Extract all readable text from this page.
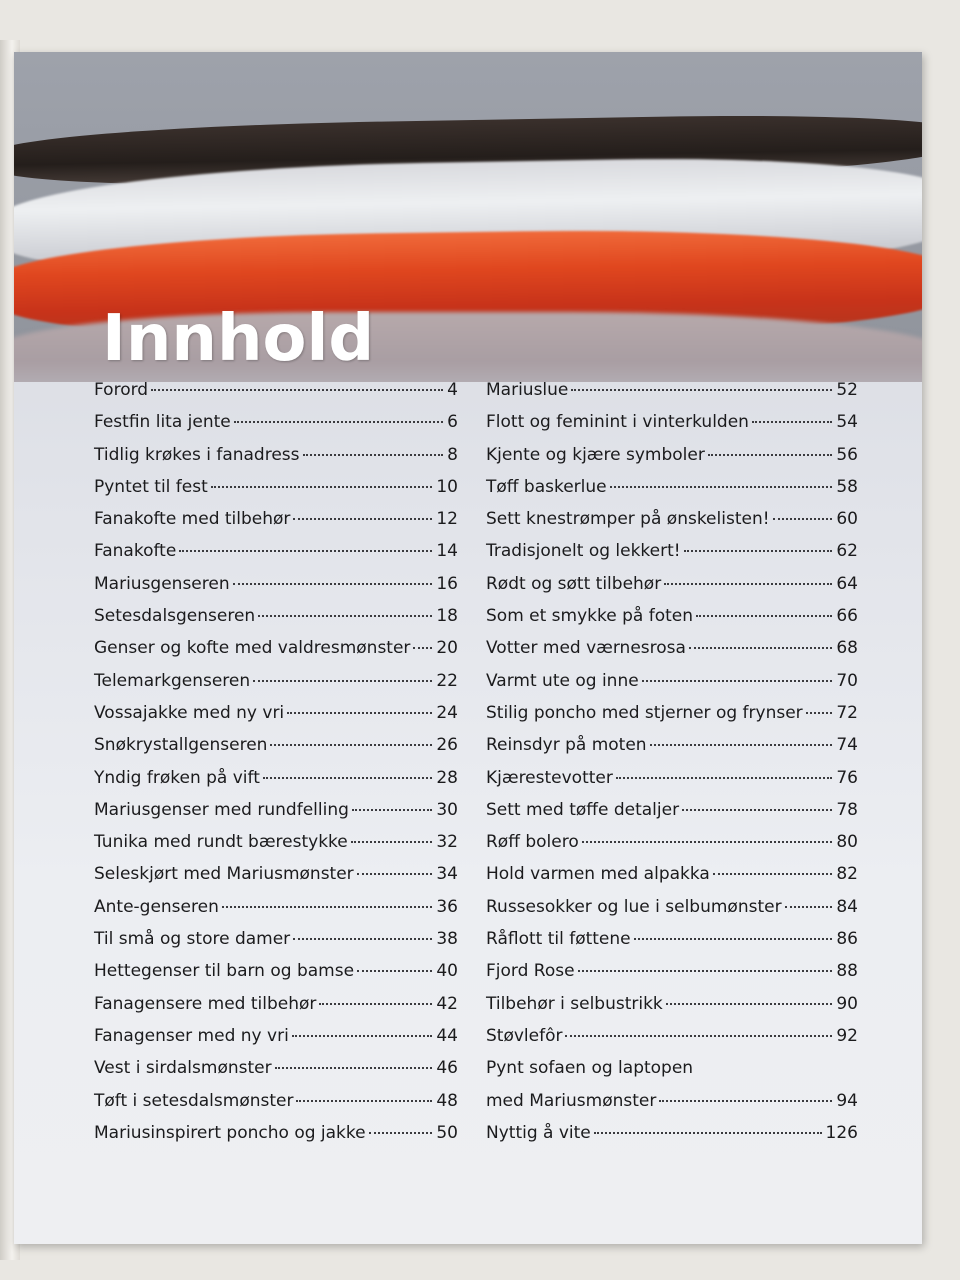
Innhold
Forord	4
Festfin lita jente	6
Tidlig krøkes i fanadress	8
Pyntet til fest	10
Fanakofte med tilbehør	12
Fanakofte	14
Mariusgenseren	16
Setesdalsgenseren	18
Genser og kofte med valdresmønster 20
Telemarkgenseren	22
Vossajakke med ny vri	24
Snøkrystallgenseren	26
Yndig frøken på vift	28
Mariusgenser med rundfelling	30
Tunika med rundt bærestykke	32
Seleskjørt med Mariusmønster	34
Ante-genseren	36
Til små og store damer	38
Hettegenser til barn og bamse	40
Fanagensere med tilbehør	42
Fanagenser med ny vri	44
Vest i sirdalsmønster	46
Tøft i setesdalsmønster	48
Mariusinspirert poncho og jakke	50
Mariuslue	52
Flott og feminint i vinterkulden	54
Kjente og kjære symboler	56
Tøff baskerlue	58
Sett knestrømper på ønskelisten!	60
Tradisjonelt og lekkert!	62
Rødt og søtt tilbehør	64
Som et smykke på foten	66
Votter med værnesrosa	68
Varmt ute og inne	70
Stilig poncho med stjerner og frynser 72
Reinsdyr på moten	74
Kjærestevotter	76
Sett med tøffe detaljer	78
Røff bolero	80
Hold varmen med alpakka	82
Russesokker og lue i selbumønster	84
Råflott til føttene	86
Fjord Rose	88
Tilbehør i selbustrikk	90
Støvlefôr	92
Pynt sofaen og laptopen
med Mariusmønster	94
Nyttig å vite	126
